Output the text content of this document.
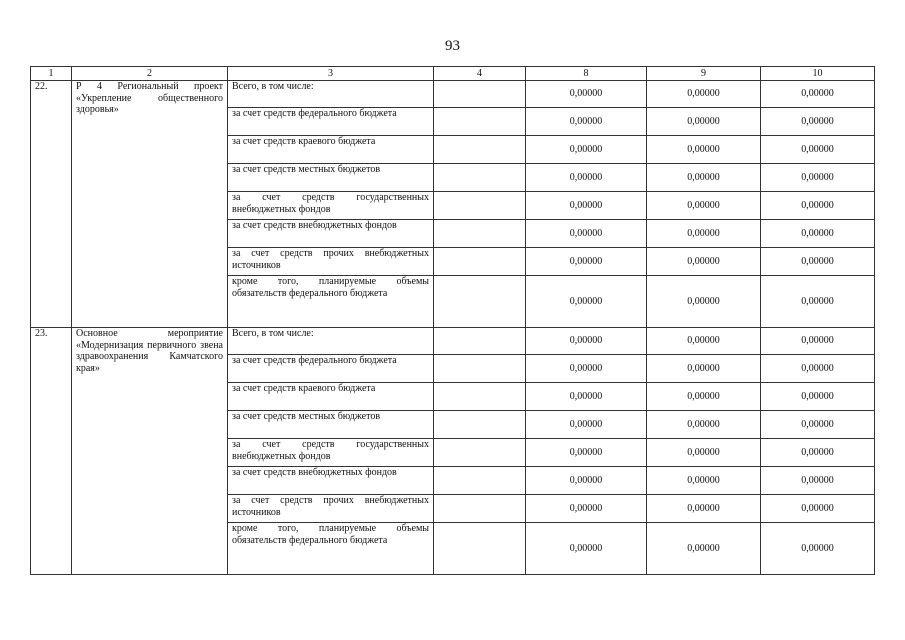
93
1	2	3	4	8	9	10
22.	Р 4 Региональный проект «Укрепление общественного здоровья»	Всего, в том числе:		0,00000	0,00000	0,00000
		за счет средств федерального бюджета		0,00000	0,00000	0,00000
		за счет средств краевого бюджета		0,00000	0,00000	0,00000
		за счет средств местных бюджетов		0,00000	0,00000	0,00000
		за счет средств государственных внебюджетных фондов		0,00000	0,00000	0,00000
		за счет средств внебюджетных фондов		0,00000	0,00000	0,00000
		за счет средств прочих внебюджетных источников		0,00000	0,00000	0,00000
		кроме того, планируемые объемы обязательств федерального бюджета		0,00000	0,00000	0,00000
23.	Основное мероприятие «Модернизация первичного звена здравоохранения Камчатского края»	Всего, в том числе:		0,00000	0,00000	0,00000
		за счет средств федерального бюджета		0,00000	0,00000	0,00000
		за счет средств краевого бюджета		0,00000	0,00000	0,00000
		за счет средств местных бюджетов		0,00000	0,00000	0,00000
		за счет средств государственных внебюджетных фондов		0,00000	0,00000	0,00000
		за счет средств внебюджетных фондов		0,00000	0,00000	0,00000
		за счет средств прочих внебюджетных источников		0,00000	0,00000	0,00000
		кроме того, планируемые объемы обязательств федерального бюджета		0,00000	0,00000	0,00000
